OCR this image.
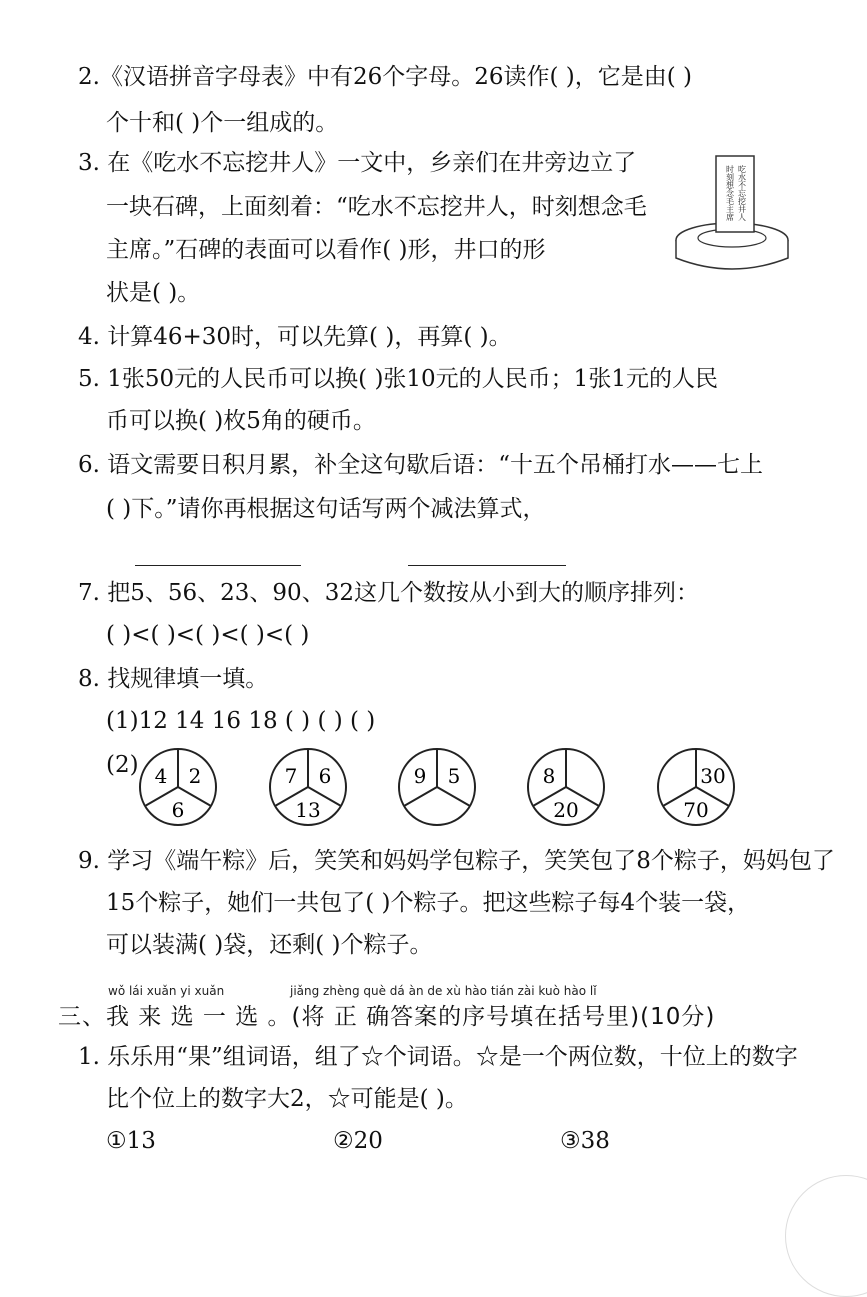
2.《汉语拼音字母表》中有26个字母。26读作( )，它是由( )
个十和( )个一组成的。
3. 在《吃水不忘挖井人》一文中，乡亲们在井旁边立了
一块石碑，上面刻着：“吃水不忘挖井人，时刻想念毛
主席。”石碑的表面可以看作( )形，井口的形
状是( )。
吃水不忘挖井人
时刻想念毛主席
4. 计算46+30时，可以先算( )，再算( )。
5. 1张50元的人民币可以换( )张10元的人民币；1张1元的人民
币可以换( )枚5角的硬币。
6. 语文需要日积月累，补全这句歇后语：“十五个吊桶打水——七上
( )下。”请你再根据这句话写两个减法算式，
7. 把5、56、23、90、32这几个数按从小到大的顺序排列：
( )<( )<( )<( )<( )
8. 找规律填一填。
(1)12 14 16 18 ( ) ( ) ( )
(2) 4 2
6
7 6
13
9 5	8
20
30
70
9. 学习《端午粽》后，笑笑和妈妈学包粽子，笑笑包了8个粽子，妈妈包了
15个粽子，她们一共包了( )个粽子。把这些粽子每4个装一袋，
可以装满( )袋，还剩( )个粽子。
wǒ lái xuǎn yi xuǎn	jiǎng zhèng què dá àn de xù hào tián zài kuò hào lǐ
三、我 来 选 一 选 。(将 正 确答案的序号填在括号里)(10分)
1. 乐乐用“果”组词语，组了☆个词语。☆是一个两位数，十位上的数字
比个位上的数字大2，☆可能是( )。
①13	②20	③38
